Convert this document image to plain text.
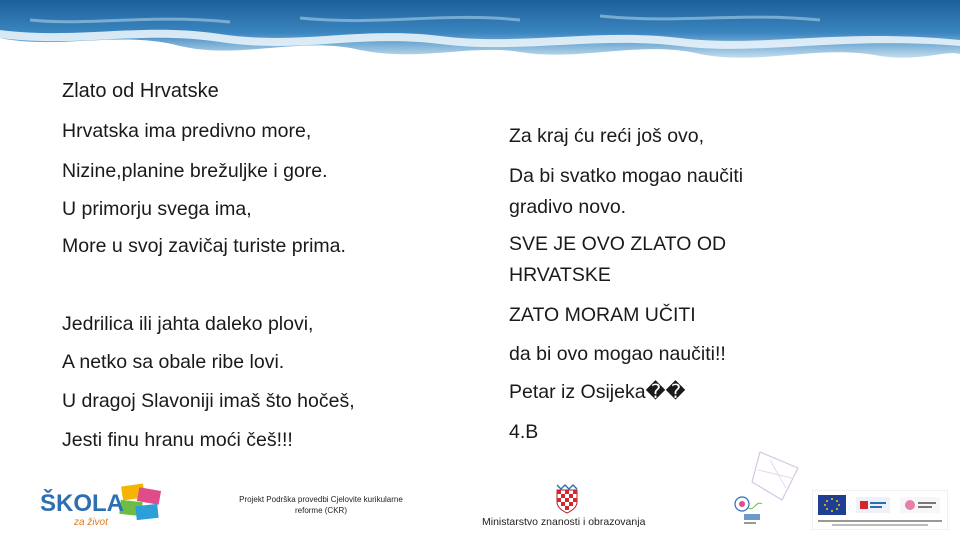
Zlato od Hrvatske
Hrvatska ima predivno more,
Nizine,planine brežuljke i gore.
U primorju svega ima,
More u svoj zavičaj turiste prima.
Jedrilica ili jahta daleko plovi,
A netko sa obale ribe lovi.
U dragoj Slavoniji imaš što hočeš,
Jesti finu hranu moći češ!!!
Za kraj ću reći još ovo,
Da bi svatko mogao naučiti gradivo novo.
SVE JE OVO ZLATO OD HRVATSKE
ZATO MORAM UČITI
da bi ovo mogao naučiti!!
Petar iz Osijeka��
4.B
ŠKOLA
za život
Projekt Podrška provedbi Cjelovite kurikularne reforme (CKR)
Ministarstvo znanosti i obrazovanja
